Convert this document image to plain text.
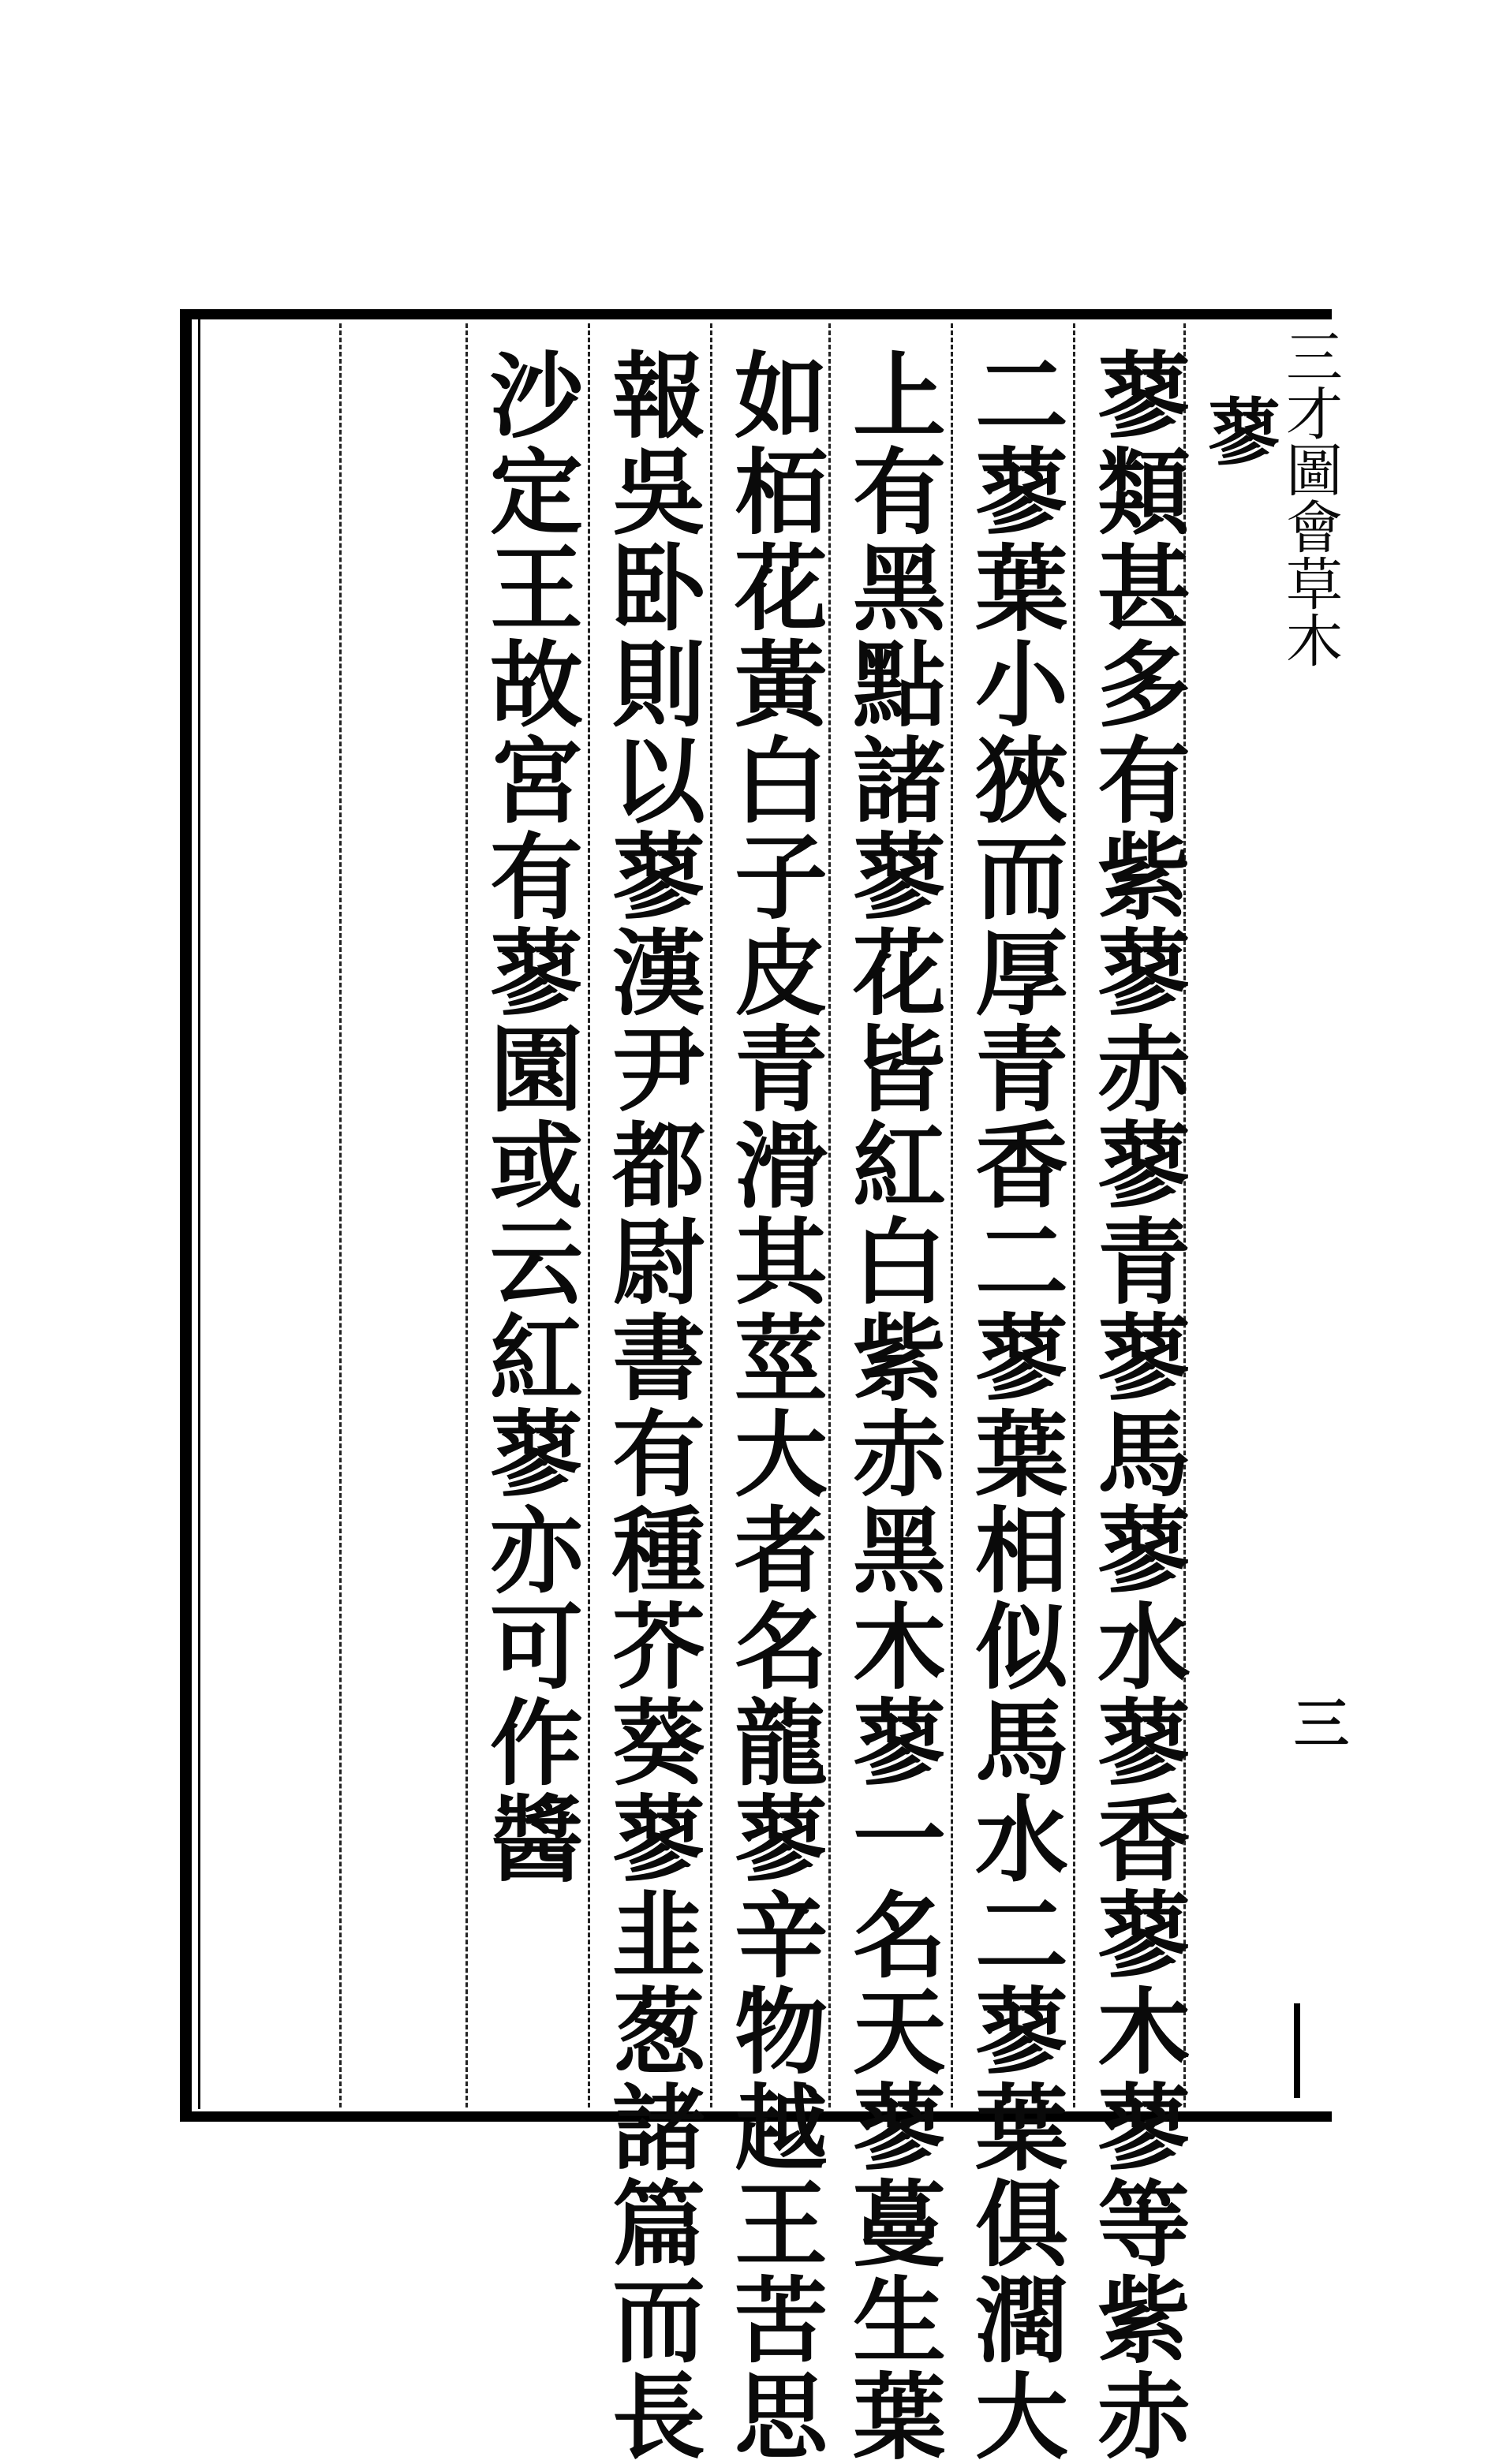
三才圖會草木
三
蓼
蓼類甚多有紫蓼赤蓼青蓼馬蓼水蓼香蓼木蓼等紫赤
二蓼葉小狹而厚青香二蓼葉相似馬水二蓼葉俱濶大
上有黑點諸蓼花皆紅白紫赤黑木蓼一名天蓼蔓生葉
如栢花黃白子皮青滑其莖大者名龍蓼辛物越王苦思
報吳卧則以蓼漢尹都尉書有種芥葵蓼韭葱諸篇而長
沙定王故宮有蓼園或云紅蓼亦可作醬
